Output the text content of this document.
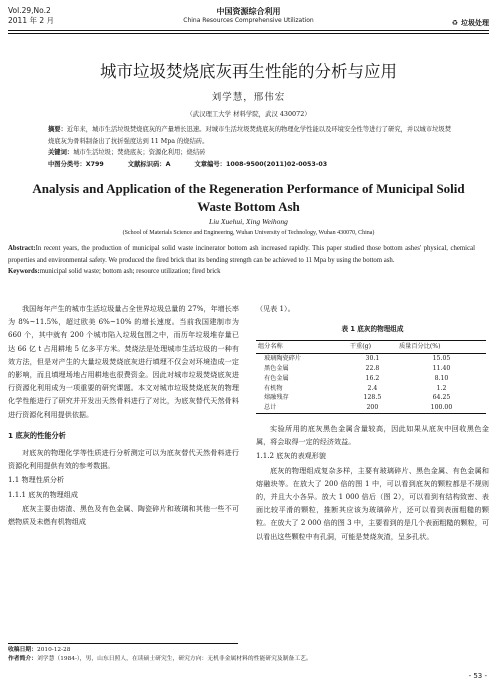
Vol.29,No.2
2011 年 2 月
中国资源综合利用
China Resources Comprehensive Utilization	♻ 垃圾处理
城市垃圾焚烧底灰再生性能的分析与应用
刘学慧，邢伟宏
（武汉理工大学 材料学院，武汉 430072）
摘要：近年来，城市生活垃圾焚烧底灰的产量增长迅速。对城市生活垃圾焚烧底灰的物理化学性能以及环境安全性等进行了研究，并以城市垃圾焚烧底灰为骨料制备出了抗折强度达到 11 Mpa 的烧结砖。
关键词：城市生活垃圾；焚烧底灰；资源化利用；烧结砖
中图分类号：X799	文献标识码：A	文章编号：1008-9500(2011)02-0053-03
Analysis and Application of the Regeneration Performance of Municipal Solid Waste Bottom Ash
Liu Xuehui, Xing Weihong
(School of Materials Science and Engineering, Wuhan University of Technology, Wuhan 430070, China)
Abstract:In recent years, the production of municipal solid waste incinerator bottom ash increased rapidly. This paper studied those bottom ashes' physical, chemical properties and environmental safety. We produced the fired brick that its bending strength can be achieved to 11 Mpa by using the bottom ash.
Keywords:municipal solid waste; bottom ash; resource utilization; fired brick

我国每年产生的城市生活垃圾量占全世界垃圾总量的 27%，年增长率为 8%~11.5%，超过欧美 6%~10% 的增长速度。当前我国建制市为 660 个，其中就有 200 个城市陷入垃圾包围之中，而历年垃圾堆存量已达 66 亿 t 占用耕地 5 亿多平方米。焚烧法是处理城市生活垃圾的一种有效方法，但是对产生的大量垃圾焚烧底灰进行填埋不仅会对环境造成一定的影响，而且填埋场地占用耕地也很费资金。因此对城市垃圾焚烧底灰进行资源化利用成为一项重要的研究课题。本文对城市垃圾焚烧底灰的物理化学性能进行了研究并开发出天然骨料进行了对比，为底灰替代天然骨料进行资源化利用提供依据。

1 底灰的性能分析

对底灰的物理化学等性质进行分析测定可以为底灰替代天然骨料进行资源化利用提供有效的参考数据。

1.1 物理性质分析
1.1.1 底灰的物理组成

底灰主要由熔渣、黑色及有色金属、陶瓷碎片和玻璃和其他一些不可燃物质及未燃有机物组成

（见表 1）。
表 1 底灰的物理组成
组分名称	干重(g)	质量百分比(%)
玻璃陶瓷碎片	30.1	15.05
黑色金属	22.8	11.40
有色金属	16.2	8.10
有机物	2.4	1.2
熔融残存	128.5	64.25
总计	200	100.00

实验所用的底灰黑色金属含量较高，因此如果从底灰中回收黑色金属，将会取得一定的经济效益。

1.1.2 底灰的表观形貌

底灰的物理组成复杂多样，主要有玻璃碎片、黑色金属、有色金属和熔融块等。在放大了 200 倍的图 1 中，可以看到底灰的颗粒都是不规则的，并且大小各异。放大 1 000 倍后（图 2），可以看到有结构致密、表面比较平滑的颗粒，推断其应该为玻璃碎片，还可以看到表面粗糙的颗粒。在放大了 2 000 倍的图 3 中，主要看到的是几个表面粗糙的颗粒，可以看出这些颗粒中有孔洞，可能是焚烧灰渣，呈多孔状。

收稿日期：2010-12-28
作者简介：刘学慧（1984-），男，山东日照人，在读硕士研究生，研究方向：无机非金属材料的性能研究及制备工艺。
- 53 -
